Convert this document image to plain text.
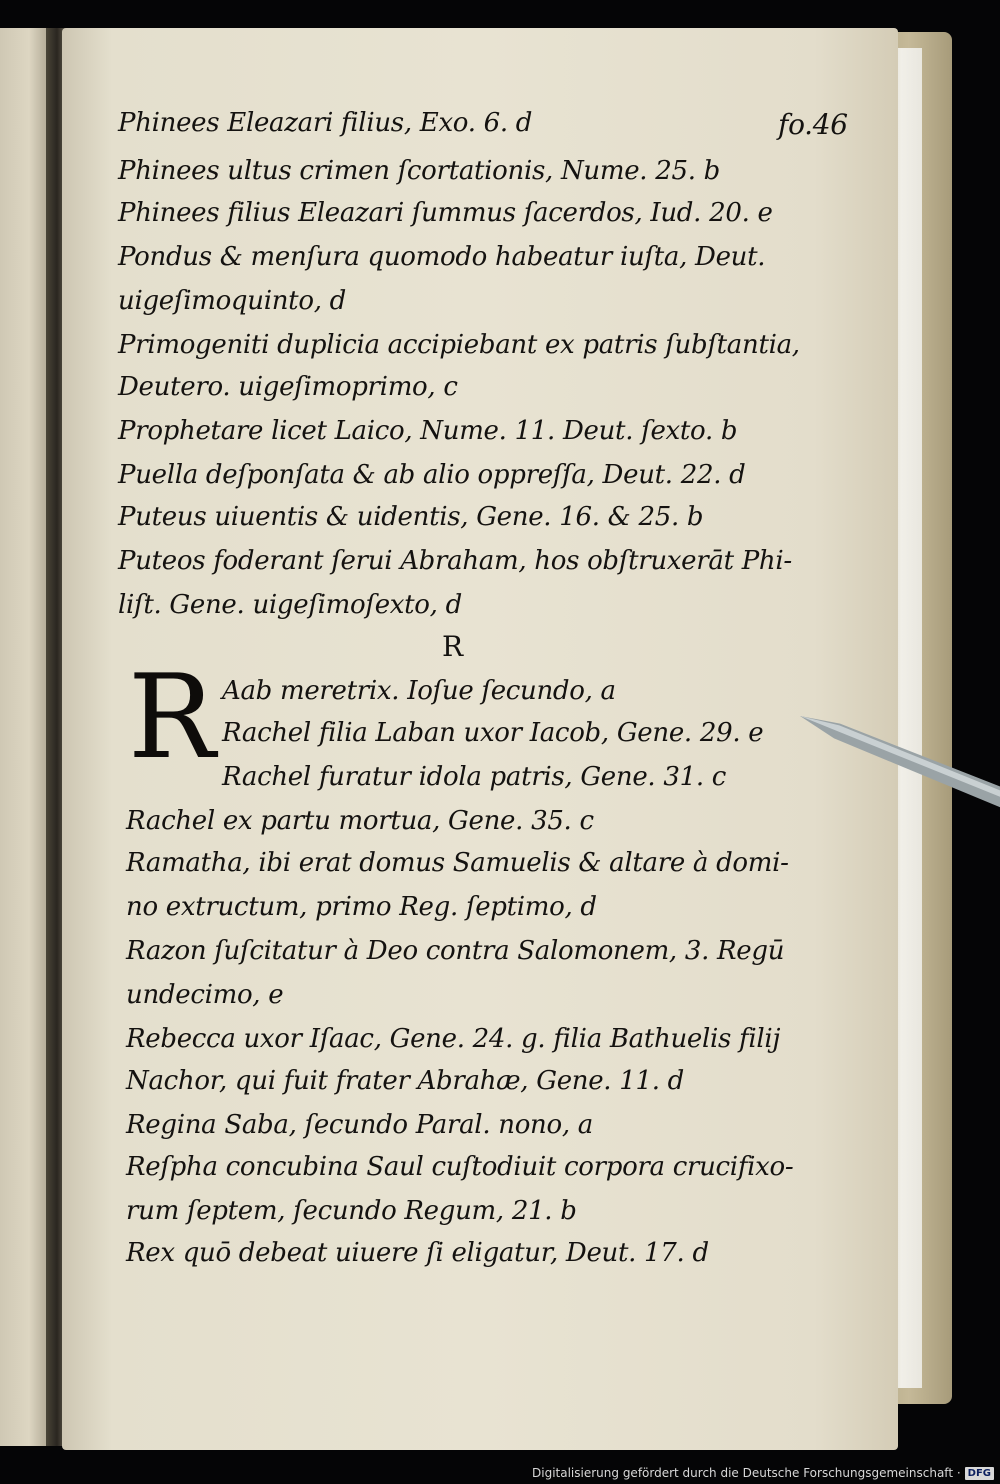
fo.46
Phinees Eleazari filius, Exo. 6. d
Phinees ultus crimen ſcortationis, Nume. 25. b
Phinees filius Eleazari ſummus ſacerdos, Iud. 20. e
Pondus & menſura quomodo habeatur iuſta, Deut.
uigeſimoquinto, d
Primogeniti duplicia accipiebant ex patris ſubſtantia,
Deutero. uigeſimoprimo, c
Prophetare licet Laico, Nume. 11. Deut. ſexto. b
Puella deſponſata & ab alio oppreſſa, Deut. 22. d
Puteus uiuentis & uidentis, Gene. 16. & 25. b
Puteos foderant ſerui Abraham, hos obſtruxerāt Phi-
liſt. Gene. uigeſimoſexto, d
R
R Aab meretrix. Ioſue ſecundo, a
Rachel filia Laban uxor Iacob, Gene. 29. e
Rachel furatur idola patris, Gene. 31. c
Rachel ex partu mortua, Gene. 35. c
Ramatha, ibi erat domus Samuelis & altare à domi-
no extructum, primo Reg. ſeptimo, d
Razon ſuſcitatur à Deo contra Salomonem, 3. Regū
undecimo, e
Rebecca uxor Iſaac, Gene. 24. g. filia Bathuelis filij
Nachor, qui fuit frater Abrahæ, Gene. 11. d
Regina Saba, ſecundo Paral. nono, a
Reſpha concubina Saul cuſtodiuit corpora crucifixo-
rum ſeptem, ſecundo Regum, 21. b
Rex quō debeat uiuere ſi eligatur, Deut. 17. d
Digitalisierung gefördert durch die Deutsche Forschungsgemeinschaft · DFG
